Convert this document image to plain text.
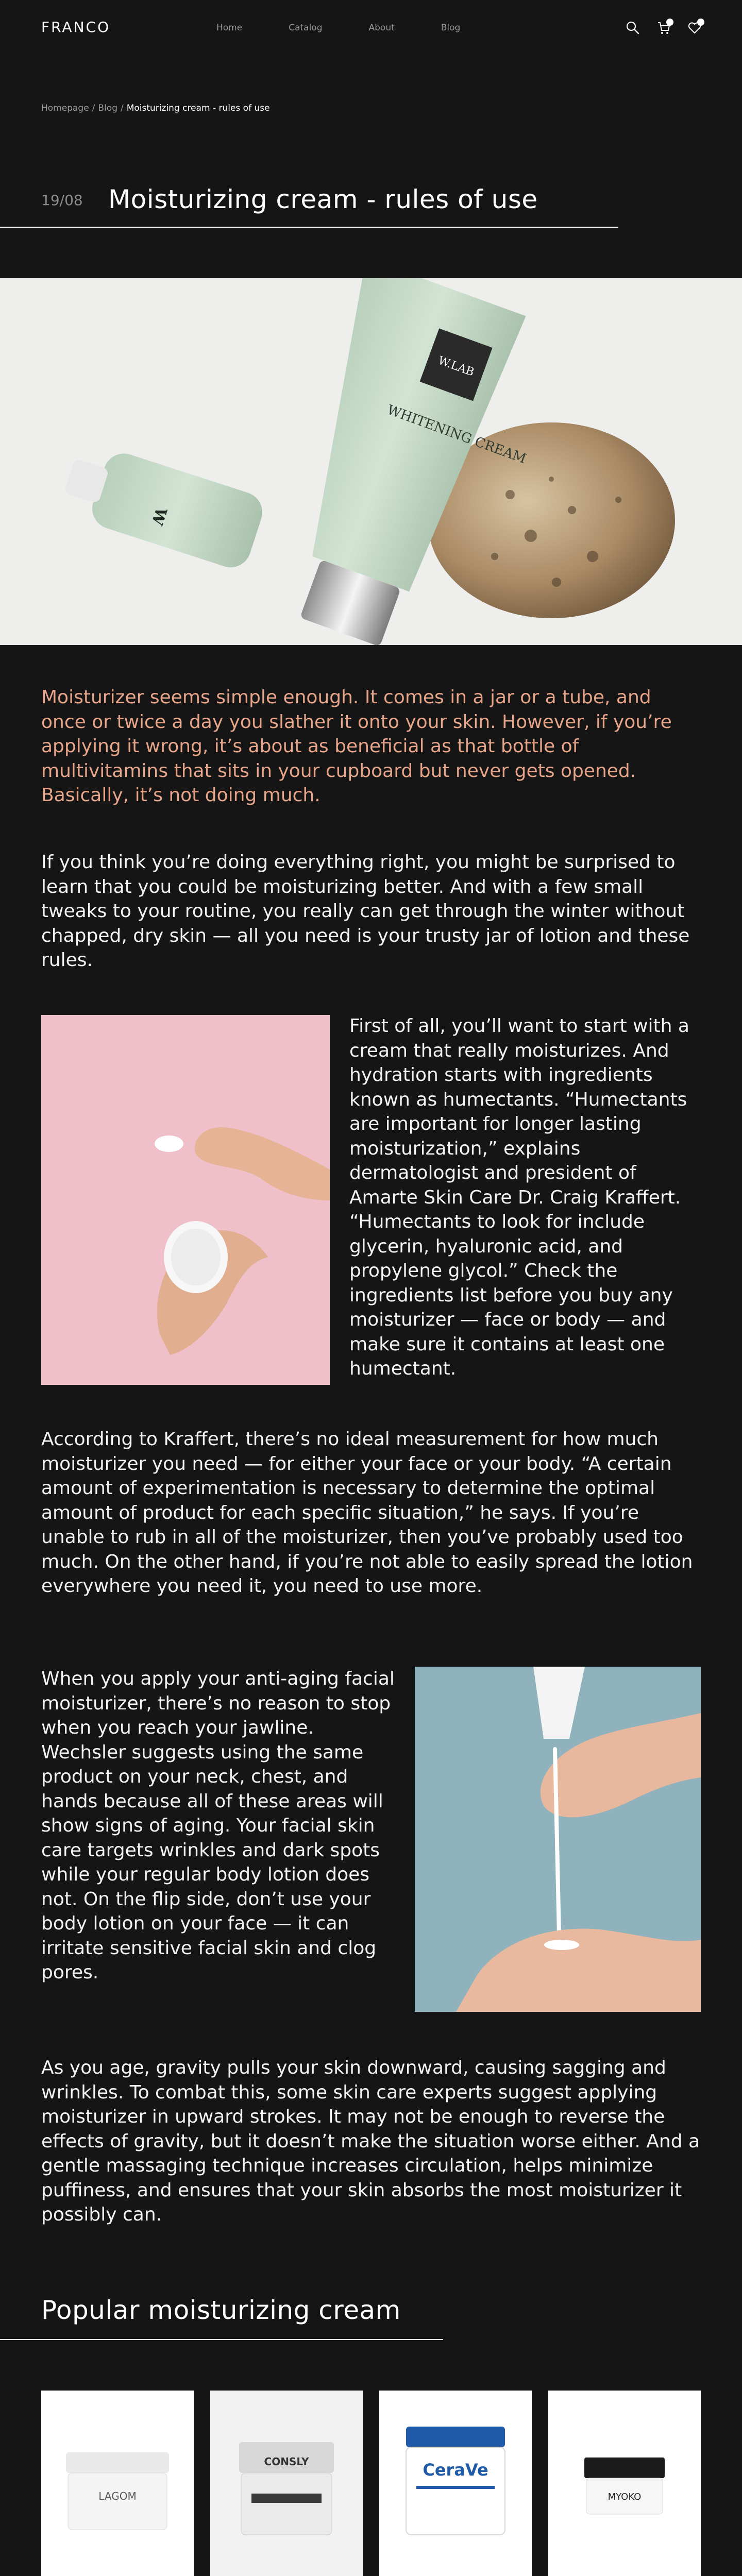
FRANCO	Home	Catalog	About	Blog
Homepage / Blog / Moisturizing cream - rules of use
19/08 Moisturizing cream - rules of use
W
W.LAB
WHITENING CREAM

Moisturizer seems simple enough. It comes in a jar or a tube, and once or twice a day you slather it onto your skin. However, if you’re applying it wrong, it’s about as beneficial as that bottle of multivitamins that sits in your cupboard but never gets opened. Basically, it’s not doing much.

If you think you’re doing everything right, you might be surprised to learn that you could be moisturizing better. And with a few small tweaks to your routine, you really can get through the winter without chapped, dry skin — all you need is your trusty jar of lotion and these rules.

First of all, you’ll want to start with a cream that really moisturizes. And hydration starts with ingredients known as humectants. “Humectants are important for longer lasting moisturization,” explains dermatologist and president of Amarte Skin Care Dr. Craig Kraffert. “Humectants to look for include glycerin, hyaluronic acid, and propylene glycol.” Check the ingredients list before you buy any moisturizer — face or body — and make sure it contains at least one humectant.

According to Kraffert, there’s no ideal measurement for how much moisturizer you need — for either your face or your body. “A certain amount of experimentation is necessary to determine the optimal amount of product for each specific situation,” he says. If you’re unable to rub in all of the moisturizer, then you’ve probably used too much. On the other hand, if you’re not able to easily spread the lotion everywhere you need it, you need to use more.

When you apply your anti-aging facial moisturizer, there’s no reason to stop when you reach your jawline. Wechsler suggests using the same product on your neck, chest, and hands because all of these areas will show signs of aging. Your facial skin care targets wrinkles and dark spots while your regular body lotion does not. On the flip side, don’t use your body lotion on your face — it can irritate sensitive facial skin and clog pores.

As you age, gravity pulls your skin downward, causing sagging and wrinkles. To combat this, some skin care experts suggest applying moisturizer in upward strokes. It may not be enough to reverse the effects of gravity, but it doesn’t make the situation worse either. And a gentle massaging technique increases circulation, helps minimize puffiness, and ensures that your skin absorbs the most moisturizer it possibly can.

Popular moisturizing cream
LAGOM
CONSLY	CeraVe
MYOKO
